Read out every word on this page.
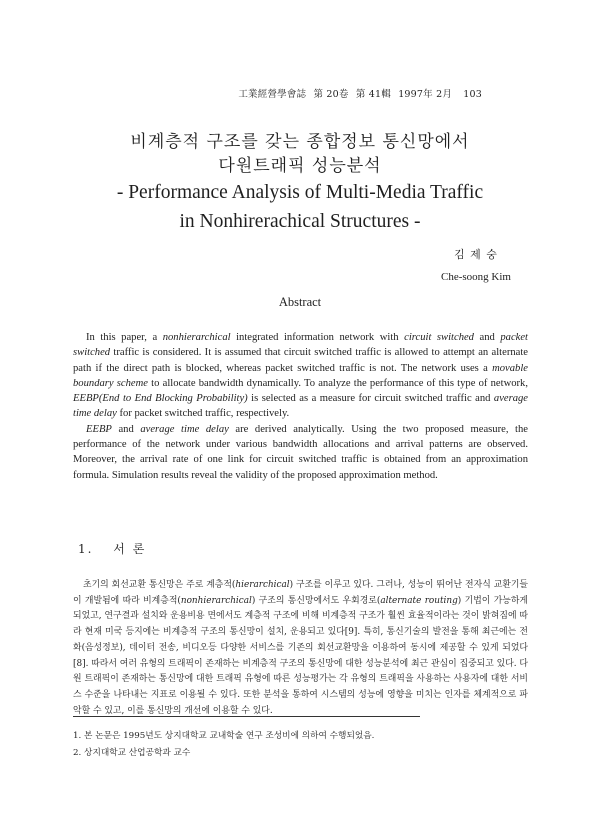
工業經營學會誌 第 20卷 第 41輯 1997年 2月 103
비계층적 구조를 갖는 종합정보 통신망에서
다원트래픽 성능분석
- Performance Analysis of Multi-Media Traffic
in Nonhirerachical Structures -
김 제 숭
Che-soong Kim
Abstract

In this paper, a nonhierarchical integrated information network with circuit switched and packet switched traffic is considered. It is assumed that circuit switched traffic is allowed to attempt an alternate path if the direct path is blocked, whereas packet switched traffic is not. The network uses a movable boundary scheme to allocate bandwidth dynamically. To analyze the performance of this type of network, EEBP(End to End Blocking Probability) is selected as a measure for circuit switched traffic and average time delay for packet switched traffic, respectively.

EEBP and average time delay are derived analytically. Using the two proposed measure, the performance of the network under various bandwidth allocations and arrival patterns are observed. Moreover, the arrival rate of one link for circuit switched traffic is obtained from an approximation formula. Simulation results reveal the validity of the proposed approximation method.

1. 서 론

초기의 회선교환 통신망은 주로 계층적(hierarchical) 구조를 이루고 있다. 그러나, 성능이 뛰어난 전자식 교환기들이 개발됨에 따라 비계층적(nonhierarchical) 구조의 통신망에서도 우회경로(alternate routing) 기법이 가능하게 되었고, 연구결과 설치와 운용비용 면에서도 계층적 구조에 비해 비계층적 구조가 훨씬 효율적이라는 것이 밝혀짐에 따라 현재 미국 등지에는 비계층적 구조의 통신망이 설치, 운용되고 있다[9]. 특히, 통신기술의 발전을 통해 최근에는 전화(음성정보), 데이터 전송, 비디오등 다양한 서비스를 기존의 회선교환망을 이용하여 동시에 제공할 수 있게 되었다[8]. 따라서 여러 유형의 트래픽이 존재하는 비계층적 구조의 통신망에 대한 성능분석에 최근 관심이 집중되고 있다. 다원 트래픽이 존재하는 통신망에 대한 트래픽 유형에 따른 성능평가는 각 유형의 트래픽을 사용하는 사용자에 대한 서비스 수준을 나타내는 지표로 이용될 수 있다. 또한 분석을 통하여 시스템의 성능에 영향을 미치는 인자를 체계적으로 파악할 수 있고, 이를 통신망의 개선에 이용할 수 있다.

1. 본 논문은 1995년도 상지대학교 교내학술 연구 조성비에 의하여 수행되었음.
2. 상지대학교 산업공학과 교수
